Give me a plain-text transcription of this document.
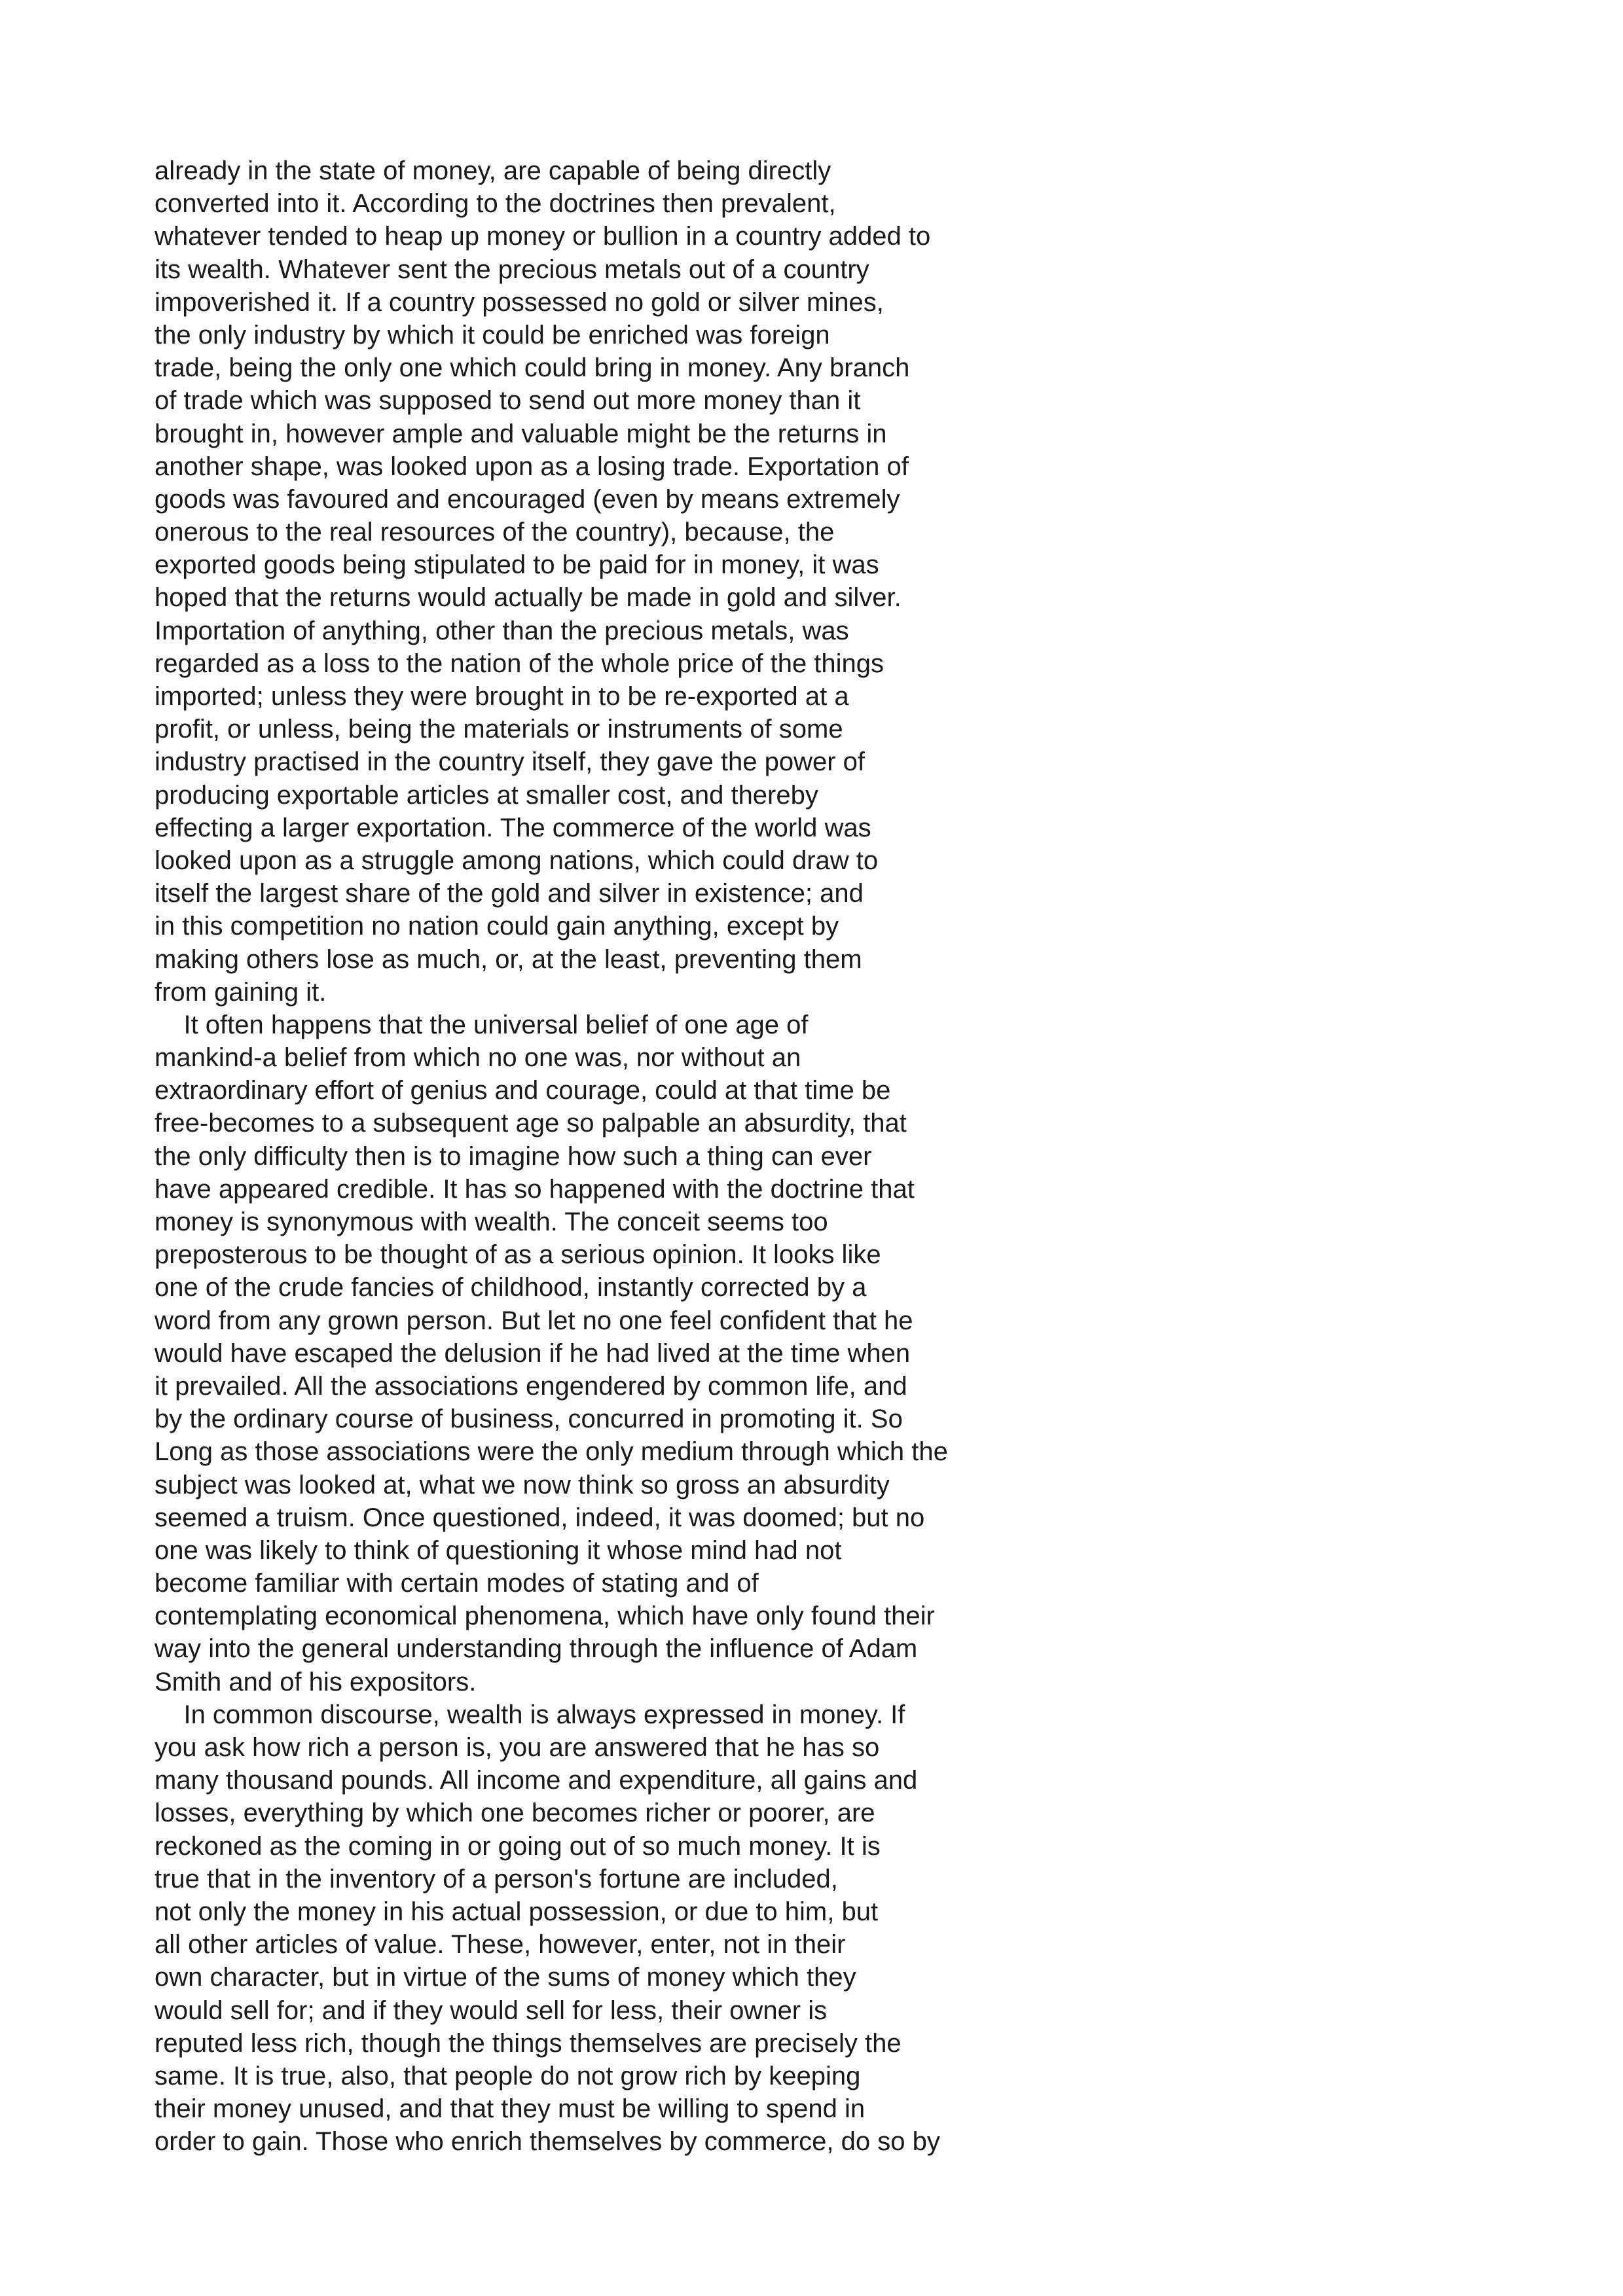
already in the state of money, are capable of being directly
converted into it. According to the doctrines then prevalent,
whatever tended to heap up money or bullion in a country added to
its wealth. Whatever sent the precious metals out of a country
impoverished it. If a country possessed no gold or silver mines,
the only industry by which it could be enriched was foreign
trade, being the only one which could bring in money. Any branch
of trade which was supposed to send out more money than it
brought in, however ample and valuable might be the returns in
another shape, was looked upon as a losing trade. Exportation of
goods was favoured and encouraged (even by means extremely
onerous to the real resources of the country), because, the
exported goods being stipulated to be paid for in money, it was
hoped that the returns would actually be made in gold and silver.
Importation of anything, other than the precious metals, was
regarded as a loss to the nation of the whole price of the things
imported; unless they were brought in to be re-exported at a
profit, or unless, being the materials or instruments of some
industry practised in the country itself, they gave the power of
producing exportable articles at smaller cost, and thereby
effecting a larger exportation. The commerce of the world was
looked upon as a struggle among nations, which could draw to
itself the largest share of the gold and silver in existence; and
in this competition no nation could gain anything, except by
making others lose as much, or, at the least, preventing them
from gaining it.
It often happens that the universal belief of one age of
mankind-a belief from which no one was, nor without an
extraordinary effort of genius and courage, could at that time be
free-becomes to a subsequent age so palpable an absurdity, that
the only difficulty then is to imagine how such a thing can ever
have appeared credible. It has so happened with the doctrine that
money is synonymous with wealth. The conceit seems too
preposterous to be thought of as a serious opinion. It looks like
one of the crude fancies of childhood, instantly corrected by a
word from any grown person. But let no one feel confident that he
would have escaped the delusion if he had lived at the time when
it prevailed. All the associations engendered by common life, and
by the ordinary course of business, concurred in promoting it. So
Long as those associations were the only medium through which the
subject was looked at, what we now think so gross an absurdity
seemed a truism. Once questioned, indeed, it was doomed; but no
one was likely to think of questioning it whose mind had not
become familiar with certain modes of stating and of
contemplating economical phenomena, which have only found their
way into the general understanding through the influence of Adam
Smith and of his expositors.
In common discourse, wealth is always expressed in money. If
you ask how rich a person is, you are answered that he has so
many thousand pounds. All income and expenditure, all gains and
losses, everything by which one becomes richer or poorer, are
reckoned as the coming in or going out of so much money. It is
true that in the inventory of a person's fortune are included,
not only the money in his actual possession, or due to him, but
all other articles of value. These, however, enter, not in their
own character, but in virtue of the sums of money which they
would sell for; and if they would sell for less, their owner is
reputed less rich, though the things themselves are precisely the
same. It is true, also, that people do not grow rich by keeping
their money unused, and that they must be willing to spend in
order to gain. Those who enrich themselves by commerce, do so by
